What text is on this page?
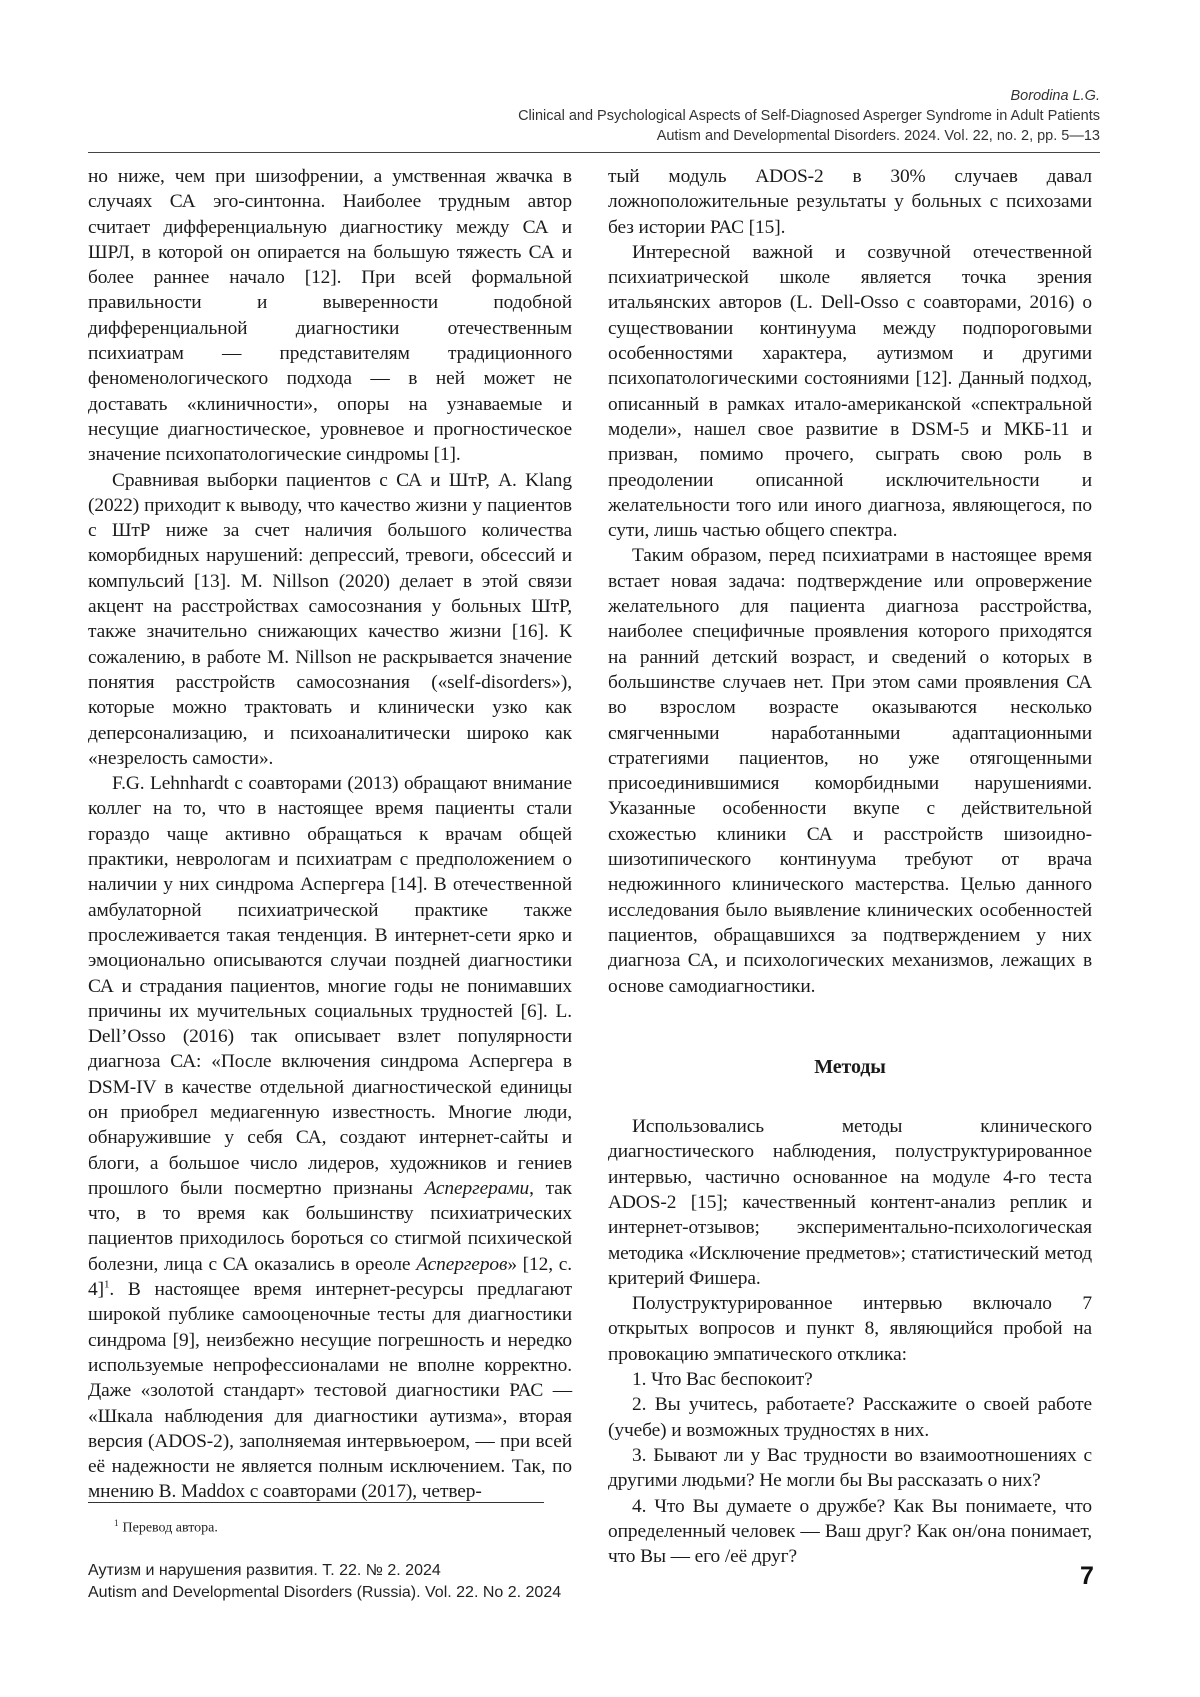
Borodina L.G.
Clinical and Psychological Aspects of Self-Diagnosed Asperger Syndrome in Adult Patients
Autism and Developmental Disorders. 2024. Vol. 22, no. 2, pp. 5—13

но ниже, чем при шизофрении, а умственная жвачка в случаях СА эго-синтонна. Наиболее трудным автор считает дифференциальную диагностику между СА и ШРЛ, в которой он опирается на большую тяжесть СА и более раннее начало [12]. При всей формальной правильности и выверенности подобной дифференциальной диагностики отечественным психиатрам — представителям традиционного феноменологического подхода — в ней может не доставать «клиничности», опоры на узнаваемые и несущие диагностическое, уровневое и прогностическое значение психопатологические синдромы [1].

Сравнивая выборки пациентов с СА и ШтР, A. Klang (2022) приходит к выводу, что качество жизни у пациентов с ШтР ниже за счет наличия большого количества коморбидных нарушений: депрессий, тревоги, обсессий и компульсий [13]. M. Nillson (2020) делает в этой связи акцент на расстройствах самосознания у больных ШтР, также значительно снижающих качество жизни [16]. К сожалению, в работе M. Nillson не раскрывается значение понятия расстройств самосознания («self-disorders»), которые можно трактовать и клинически узко как деперсонализацию, и психоаналитически широко как «незрелость самости».

F.G. Lehnhardt с соавторами (2013) обращают внимание коллег на то, что в настоящее время пациенты стали гораздо чаще активно обращаться к врачам общей практики, неврологам и психиатрам с предположением о наличии у них синдрома Аспергера [14]. В отечественной амбулаторной психиатрической практике также прослеживается такая тенденция. В интернет-сети ярко и эмоционально описываются случаи поздней диагностики СА и страдания пациентов, многие годы не понимавших причины их мучительных социальных трудностей [6]. L. Dell’Osso (2016) так описывает взлет популярности диагноза СА: «После включения синдрома Аспергера в DSM-IV в качестве отдельной диагностической единицы он приобрел медиагенную известность. Многие люди, обнаружившие у себя СА, создают интернет-сайты и блоги, а большое число лидеров, художников и гениев прошлого были посмертно признаны Аспергерами, так что, в то время как большинству психиатрических пациентов приходилось бороться со стигмой психической болезни, лица с СА оказались в ореоле Аспергеров» [12, с. 4]$^1$. В настоящее время интернет-ресурсы предлагают широкой публике самооценочные тесты для диагностики синдрома [9], неизбежно несущие погрешность и нередко используемые непрофессионалами не вполне корректно. Даже «золотой стандарт» тестовой диагностики РАС — «Шкала наблюдения для диагностики аутизма», вторая версия (ADOS-2), заполняемая интервьюером, — при всей её надежности не является полным исключением. Так, по мнению B. Maddox с соавторами (2017), четвер-

тый модуль ADOS-2 в 30% случаев давал ложноположительные результаты у больных с психозами без истории РАС [15].

Интересной важной и созвучной отечественной психиатрической школе является точка зрения итальянских авторов (L. Dell-Osso с соавторами, 2016) о существовании континуума между подпороговыми особенностями характера, аутизмом и другими психопатологическими состояниями [12]. Данный подход, описанный в рамках итало-американской «спектральной модели», нашел свое развитие в DSM-5 и МКБ-11 и призван, помимо прочего, сыграть свою роль в преодолении описанной исключительности и желательности того или иного диагноза, являющегося, по сути, лишь частью общего спектра.

Таким образом, перед психиатрами в настоящее время встает новая задача: подтверждение или опровержение желательного для пациента диагноза расстройства, наиболее специфичные проявления которого приходятся на ранний детский возраст, и сведений о которых в большинстве случаев нет. При этом сами проявления СА во взрослом возрасте оказываются несколько смягченными наработанными адаптационными стратегиями пациентов, но уже отягощенными присоединившимися коморбидными нарушениями. Указанные особенности вкупе с действительной схожестью клиники СА и расстройств шизоидно-шизотипического континуума требуют от врача недюжинного клинического мастерства. Целью данного исследования было выявление клинических особенностей пациентов, обращавшихся за подтверждением у них диагноза СА, и психологических механизмов, лежащих в основе самодиагностики.

Методы

Использовались методы клинического диагностического наблюдения, полуструктурированное интервью, частично основанное на модуле 4-го теста ADOS-2 [15]; качественный контент-анализ реплик и интернет-отзывов; экспериментально-психологическая методика «Исключение предметов»; статистический метод критерий Фишера.

Полуструктурированное интервью включало 7 открытых вопросов и пункт 8, являющийся пробой на провокацию эмпатического отклика:

1. Что Вас беспокоит?

2. Вы учитесь, работаете? Расскажите о своей работе (учебе) и возможных трудностях в них.

3. Бывают ли у Вас трудности во взаимоотношениях с другими людьми? Не могли бы Вы рассказать о них?

4. Что Вы думаете о дружбе? Как Вы понимаете, что определенный человек — Ваш друг? Как он/она понимает, что Вы — его /её друг?

$^1$ Перевод автора.
Аутизм и нарушения развития. Т. 22. № 2. 2024
Autism and Developmental Disorders (Russia). Vol. 22. No 2. 2024
7
